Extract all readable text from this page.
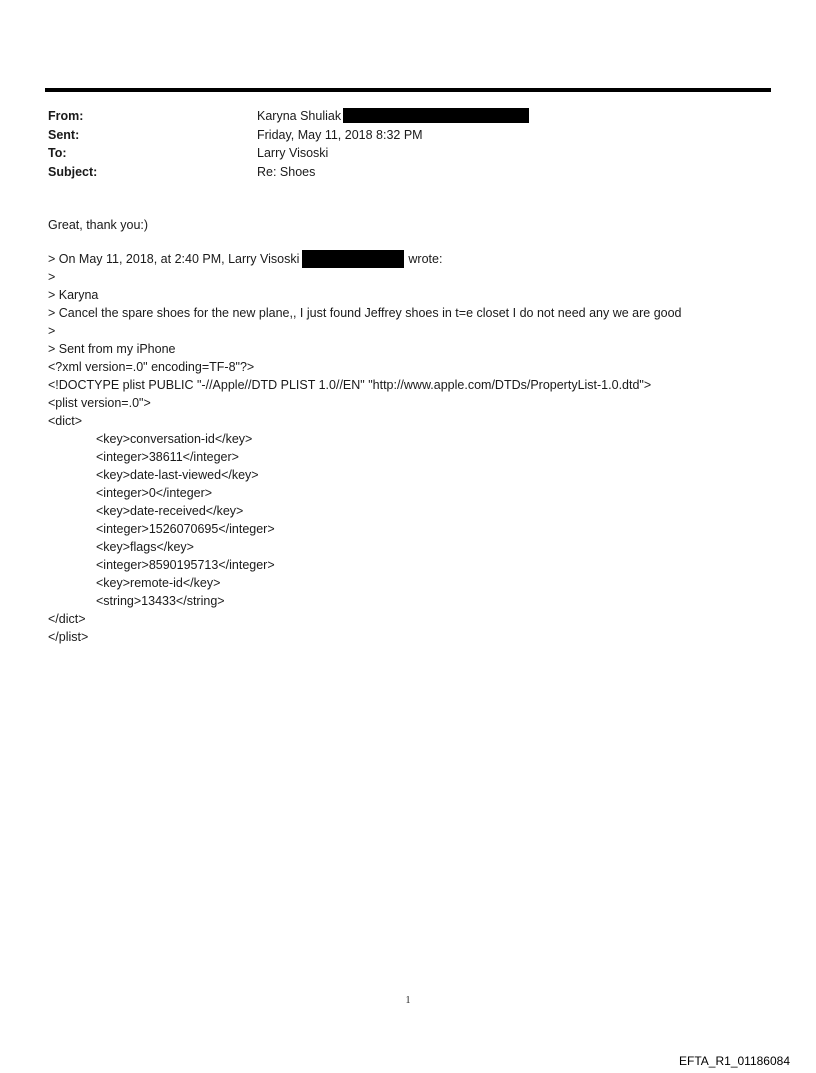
From:	Karyna Shuliak
Sent:	Friday, May 11, 2018 8:32 PM
To:	Larry Visoski
Subject:	Re: Shoes
Great, thank you:)
> On May 11, 2018, at 2:40 PM, Larry Visoski	wrote:
>
> Karyna
> Cancel the spare shoes for the new plane,, I just found Jeffrey shoes in t=e closet I do not need any we are good
>
> Sent from my iPhone
<?xml version=.0" encoding=TF-8"?>
<!DOCTYPE plist PUBLIC "-//Apple//DTD PLIST 1.0//EN" "http://www.apple.com/DTDs/PropertyList-1.0.dtd">
<plist version=.0">
<dict>
<key>conversation-id</key>
<integer>38611</integer>
<key>date-last-viewed</key>
<integer>0</integer>
<key>date-received</key>
<integer>1526070695</integer>
<key>flags</key>
<integer>8590195713</integer>
<key>remote-id</key>
<string>13433</string>
</dict>
</plist>
1
EFTA_R1_01186084
